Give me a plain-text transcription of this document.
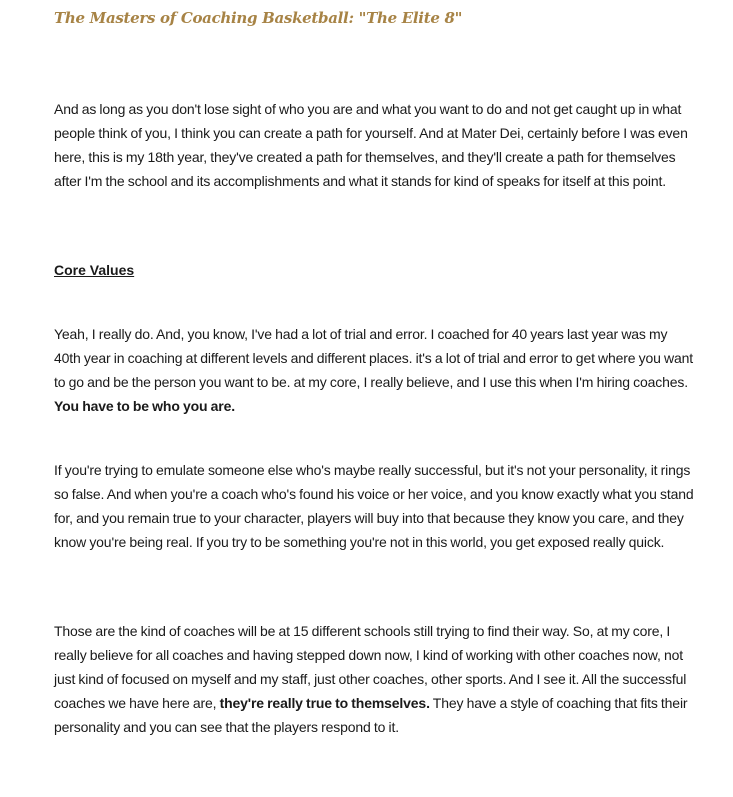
The Masters of Coaching Basketball: "The Elite 8"

And as long as you don't lose sight of who you are and what you want to do and not get caught up in what people think of you, I think you can create a path for yourself. And at Mater Dei, certainly before I was even here, this is my 18th year, they've created a path for themselves, and they'll create a path for themselves after I'm the school and its accomplishments and what it stands for kind of speaks for itself at this point.

Core Values

Yeah, I really do. And, you know, I've had a lot of trial and error. I coached for 40 years last year was my 40th year in coaching at different levels and different places. it's a lot of trial and error to get where you want to go and be the person you want to be. at my core, I really believe, and I use this when I'm hiring coaches. You have to be who you are.

If you're trying to emulate someone else who's maybe really successful, but it's not your personality, it rings so false. And when you're a coach who's found his voice or her voice, and you know exactly what you stand for, and you remain true to your character, players will buy into that because they know you care, and they know you're being real. If you try to be something you're not in this world, you get exposed really quick.

Those are the kind of coaches will be at 15 different schools still trying to find their way. So, at my core, I really believe for all coaches and having stepped down now, I kind of working with other coaches now, not just kind of focused on myself and my staff, just other coaches, other sports. And I see it. All the successful coaches we have here are, they're really true to themselves. They have a style of coaching that fits their personality and you can see that the players respond to it.
